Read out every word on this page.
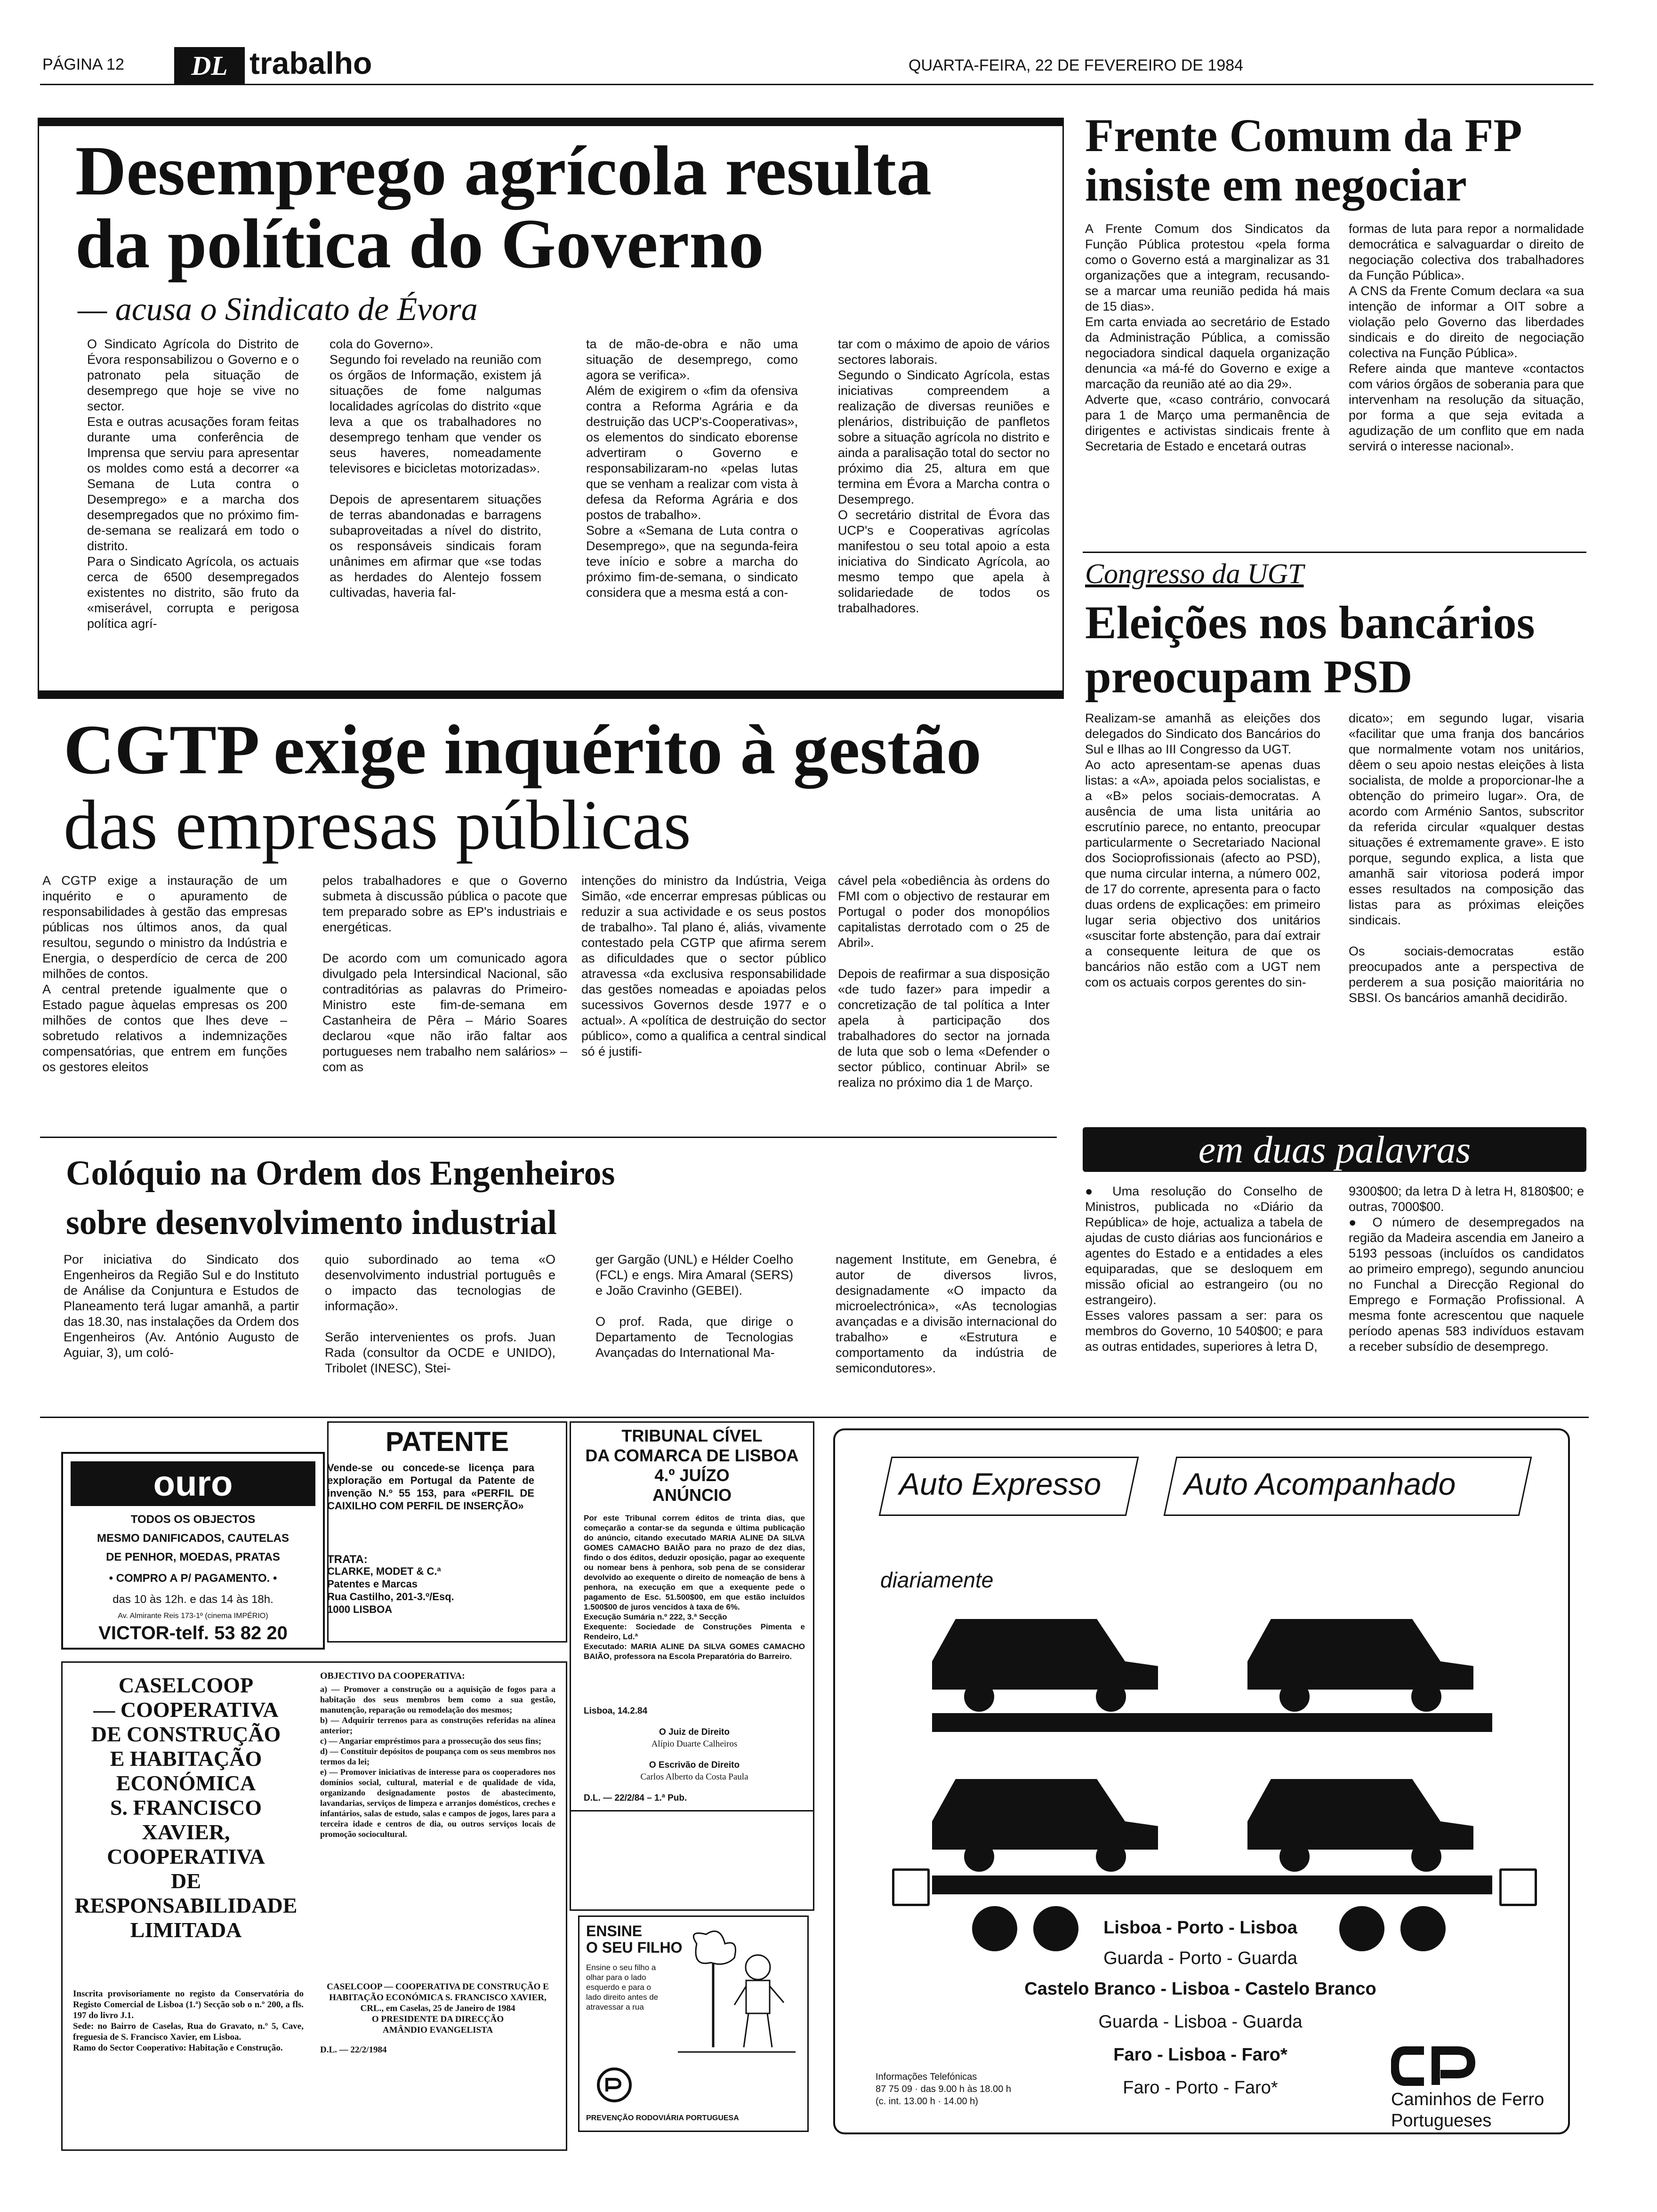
PÁGINA 12	DL trabalho	QUARTA-FEIRA, 22 DE FEVEREIRO DE 1984
Desemprego agrícola resulta
da política do Governo
— acusa o Sindicato de Évora
O Sindicato Agrícola do Distrito de Évora responsabilizou o Governo e o patronato pela situação de desemprego que hoje se vive no sector.
Esta e outras acusações foram feitas durante uma conferência de Imprensa que serviu para apresentar os moldes como está a decorrer «a Semana de Luta contra o Desemprego» e a marcha dos desempregados que no próximo fim-de-semana se realizará em todo o distrito.
Para o Sindicato Agrícola, os actuais cerca de 6500 desempregados existentes no distrito, são fruto da «miserável, corrupta e perigosa política agrí-
cola do Governo».
Segundo foi revelado na reunião com os órgãos de Informação, existem já situações de fome nalgumas localidades agrícolas do distrito «que leva a que os trabalhadores no desemprego tenham que vender os seus haveres, nomeadamente televisores e bicicletas motorizadas».

Depois de apresentarem situações de terras abandonadas e barragens subaproveitadas a nível do distrito, os responsáveis sindicais foram unânimes em afirmar que «se todas as herdades do Alentejo fossem cultivadas, haveria fal-
ta de mão-de-obra e não uma situação de desemprego, como agora se verifica».
Além de exigirem o «fim da ofensiva contra a Reforma Agrária e da destruição das UCP's-Cooperativas», os elementos do sindicato eborense advertiram o Governo e responsabilizaram-no «pelas lutas que se venham a realizar com vista à defesa da Reforma Agrária e dos postos de trabalho».
Sobre a «Semana de Luta contra o Desemprego», que na segunda-feira teve início e sobre a marcha do próximo fim-de-semana, o sindicato considera que a mesma está a con-
tar com o máximo de apoio de vários sectores laborais.
Segundo o Sindicato Agrícola, estas iniciativas compreendem a realização de diversas reuniões e plenários, distribuição de panfletos sobre a situação agrícola no distrito e ainda a paralisação total do sector no próximo dia 25, altura em que termina em Évora a Marcha contra o Desemprego.
O secretário distrital de Évora das UCP's e Cooperativas agrícolas manifestou o seu total apoio a esta iniciativa do Sindicato Agrícola, ao mesmo tempo que apela à solidariedade de todos os trabalhadores.
Frente Comum da FP
insiste em negociar
A Frente Comum dos Sindicatos da Função Pública protestou «pela forma como o Governo está a marginalizar as 31 organizações que a integram, recusando-se a marcar uma reunião pedida há mais de 15 dias».
Em carta enviada ao secretário de Estado da Administração Pública, a comissão negociadora sindical daquela organização denuncia «a má-fé do Governo e exige a marcação da reunião até ao dia 29».
Adverte que, «caso contrário, convocará para 1 de Março uma permanência de dirigentes e activistas sindicais frente à Secretaria de Estado e encetará outras
formas de luta para repor a normalidade democrática e salvaguardar o direito de negociação colectiva dos trabalhadores da Função Pública».
A CNS da Frente Comum declara «a sua intenção de informar a OIT sobre a violação pelo Governo das liberdades sindicais e do direito de negociação colectiva na Função Pública».
Refere ainda que manteve «contactos com vários órgãos de soberania para que intervenham na resolução da situação, por forma a que seja evitada a agudização de um conflito que em nada servirá o interesse nacional».
Congresso da UGT
Eleições nos bancários
preocupam PSD
Realizam-se amanhã as eleições dos delegados do Sindicato dos Bancários do Sul e Ilhas ao III Congresso da UGT.
Ao acto apresentam-se apenas duas listas: a «A», apoiada pelos socialistas, e a «B» pelos sociais-democratas. A ausência de uma lista unitária ao escrutínio parece, no entanto, preocupar particularmente o Secretariado Nacional dos Socioprofissionais (afecto ao PSD), que numa circular interna, a número 002, de 17 do corrente, apresenta para o facto duas ordens de explicações: em primeiro lugar seria objectivo dos unitários «suscitar forte abstenção, para daí extrair a consequente leitura de que os bancários não estão com a UGT nem com os actuais corpos gerentes do sin-
dicato»; em segundo lugar, visaria «facilitar que uma franja dos bancários que normalmente votam nos unitários, dêem o seu apoio nestas eleições à lista socialista, de molde a proporcionar-lhe a obtenção do primeiro lugar». Ora, de acordo com Arménio Santos, subscritor da referida circular «qualquer destas situações é extremamente grave». E isto porque, segundo explica, a lista que amanhã sair vitoriosa poderá impor esses resultados na composição das listas para as próximas eleições sindicais.

Os sociais-democratas estão preocupados ante a perspectiva de perderem a sua posição maioritária no SBSI. Os bancários amanhã decidirão.
CGTP exige inquérito à gestão
das empresas públicas
A CGTP exige a instauração de um inquérito e o apuramento de responsabilidades à gestão das empresas públicas nos últimos anos, da qual resultou, segundo o ministro da Indústria e Energia, o desperdício de cerca de 200 milhões de contos.
A central pretende igualmente que o Estado pague àquelas empresas os 200 milhões de contos que lhes deve – sobretudo relativos a indemnizações compensatórias, que entrem em funções os gestores eleitos
pelos trabalhadores e que o Governo submeta à discussão pública o pacote que tem preparado sobre as EP's industriais e energéticas.

De acordo com um comunicado agora divulgado pela Intersindical Nacional, são contraditórias as palavras do Primeiro-Ministro este fim-de-semana em Castanheira de Pêra – Mário Soares declarou «que não irão faltar aos portugueses nem trabalho nem salários» – com as
intenções do ministro da Indústria, Veiga Simão, «de encerrar empresas públicas ou reduzir a sua actividade e os seus postos de trabalho». Tal plano é, aliás, vivamente contestado pela CGTP que afirma serem as dificuldades que o sector público atravessa «da exclusiva responsabilidade das gestões nomeadas e apoiadas pelos sucessivos Governos desde 1977 e o actual». A «política de destruição do sector público», como a qualifica a central sindical só é justifi-
cável pela «obediência às ordens do FMI com o objectivo de restaurar em Portugal o poder dos monopólios capitalistas derrotado com o 25 de Abril».

Depois de reafirmar a sua disposição «de tudo fazer» para impedir a concretização de tal política a Inter apela à participação dos trabalhadores do sector na jornada de luta que sob o lema «Defender o sector público, continuar Abril» se realiza no próximo dia 1 de Março.
Colóquio na Ordem dos Engenheiros
sobre desenvolvimento industrial
Por iniciativa do Sindicato dos Engenheiros da Região Sul e do Instituto de Análise da Conjuntura e Estudos de Planeamento terá lugar amanhã, a partir das 18.30, nas instalações da Ordem dos Engenheiros (Av. António Augusto de Aguiar, 3), um coló-
quio subordinado ao tema «O desenvolvimento industrial português e o impacto das tecnologias de informação».

Serão intervenientes os profs. Juan Rada (consultor da OCDE e UNIDO), Tribolet (INESC), Stei-
ger Gargão (UNL) e Hélder Coelho (FCL) e engs. Mira Amaral (SERS) e João Cravinho (GEBEI).

O prof. Rada, que dirige o Departamento de Tecnologias Avançadas do International Ma-
nagement Institute, em Genebra, é autor de diversos livros, designadamente «O impacto da microelectrónica», «As tecnologias avançadas e a divisão internacional do trabalho» e «Estrutura e comportamento da indústria de semicondutores».
em duas palavras
● Uma resolução do Conselho de Ministros, publicada no «Diário da República» de hoje, actualiza a tabela de ajudas de custo diárias aos funcionários e agentes do Estado e a entidades a eles equiparadas, que se desloquem em missão oficial ao estrangeiro (ou no estrangeiro).
Esses valores passam a ser: para os membros do Governo, 10 540$00; e para as outras entidades, superiores à letra D,
9300$00; da letra D à letra H, 8180$00; e outras, 7000$00.
● O número de desempregados na região da Madeira ascendia em Janeiro a 5193 pessoas (incluídos os candidatos ao primeiro emprego), segundo anunciou no Funchal a Direcção Regional do Emprego e Formação Profissional. A mesma fonte acrescentou que naquele período apenas 583 indivíduos estavam a receber subsídio de desemprego.
ouro
TODOS OS OBJECTOS
MESMO DANIFICADOS, CAUTELAS
DE PENHOR, MOEDAS, PRATAS
• COMPRO A P/ PAGAMENTO. •
das 10 às 12h. e das 14 às 18h.
Av. Almirante Reis 173-1º (cinema IMPÉRIO)
VICTOR-telf. 53 82 20
PATENTE
Vende-se ou concede-se licença para exploração em Portugal da Patente de invenção N.º 55 153, para «PERFIL DE CAIXILHO COM PERFIL DE INSERÇÃO»
TRATA:
CLARKE, MODET & C.ª
Patentes e Marcas
Rua Castilho, 201-3.º/Esq.
1000 LISBOA
TRIBUNAL CÍVEL
DA COMARCA DE LISBOA
4.º JUÍZO
ANÚNCIO
Por este Tribunal correm éditos de trinta dias, que começarão a contar-se da segunda e última publicação do anúncio, citando executado MARIA ALINE DA SILVA GOMES CAMACHO BAIÃO para no prazo de dez dias, findo o dos éditos, deduzir oposição, pagar ao exequente ou nomear bens à penhora, sob pena de se considerar devolvido ao exequente o direito de nomeação de bens à penhora, na execução em que a exequente pede o pagamento de Esc. 51.500$00, em que estão incluídos 1.500$00 de juros vencidos à taxa de 6%.
Execução Sumária n.º 222, 3.ª Secção
Exequente: Sociedade de Construções Pimenta e Rendeiro, Ld.ª
Executado: MARIA ALINE DA SILVA GOMES CAMACHO BAIÃO, professora na Escola Preparatória do Barreiro.
Lisboa, 14.2.84
O Juiz de Direito
Alípio Duarte Calheiros
O Escrivão de Direito
Carlos Alberto da Costa Paula
D.L. — 22/2/84 – 1.ª Pub.
CASELCOOP
— COOPERATIVA
DE CONSTRUÇÃO
E HABITAÇÃO
ECONÓMICA
S. FRANCISCO
XAVIER,
COOPERATIVA
DE
RESPONSABILIDADE
LIMITADA
Inscrita provisoriamente no registo da Conservatória do Registo Comercial de Lisboa (1.ª) Secção sob o n.º 200, a fls. 197 do livro J.1.
Sede: no Bairro de Caselas, Rua do Gravato, n.º 5, Cave, freguesia de S. Francisco Xavier, em Lisboa.
Ramo do Sector Cooperativo: Habitação e Construção.
OBJECTIVO DA COOPERATIVA:
a) — Promover a construção ou a aquisição de fogos para a habitação dos seus membros bem como a sua gestão, manutenção, reparação ou remodelação dos mesmos;
b) — Adquirir terrenos para as construções referidas na alínea anterior;
c) — Angariar empréstimos para a prossecução dos seus fins;
d) — Constituir depósitos de poupança com os seus membros nos termos da lei;
e) — Promover iniciativas de interesse para os cooperadores nos domínios social, cultural, material e de qualidade de vida, organizando designadamente postos de abastecimento, lavandarias, serviços de limpeza e arranjos domésticos, creches e infantários, salas de estudo, salas e campos de jogos, lares para a terceira idade e centros de dia, ou outros serviços locais de promoção sociocultural.
CASELCOOP — COOPERATIVA DE CONSTRUÇÃO E HABITAÇÃO ECONÓMICA S. FRANCISCO XAVIER, CRL., em Caselas, 25 de Janeiro de 1984
O PRESIDENTE DA DIRECÇÃO
AMÂNDIO EVANGELISTA
D.L. — 22/2/1984
ENSINE
O SEU FILHO
Ensine o seu filho a olhar para o lado esquerdo e para o lado direito antes de atravessar a rua
PREVENÇÃO RODOVIÁRIA PORTUGUESA
Auto Expresso	Auto Acompanhado
diariamente
Lisboa - Porto - Lisboa
Guarda - Porto - Guarda
Castelo Branco - Lisboa - Castelo Branco
Guarda - Lisboa - Guarda
Faro - Lisboa - Faro*
Faro - Porto - Faro*
Informações Telefónicas
87 75 09 · das 9.00 h às 18.00 h
(c. int. 13.00 h · 14.00 h)	Caminhos de Ferro
Portugueses
